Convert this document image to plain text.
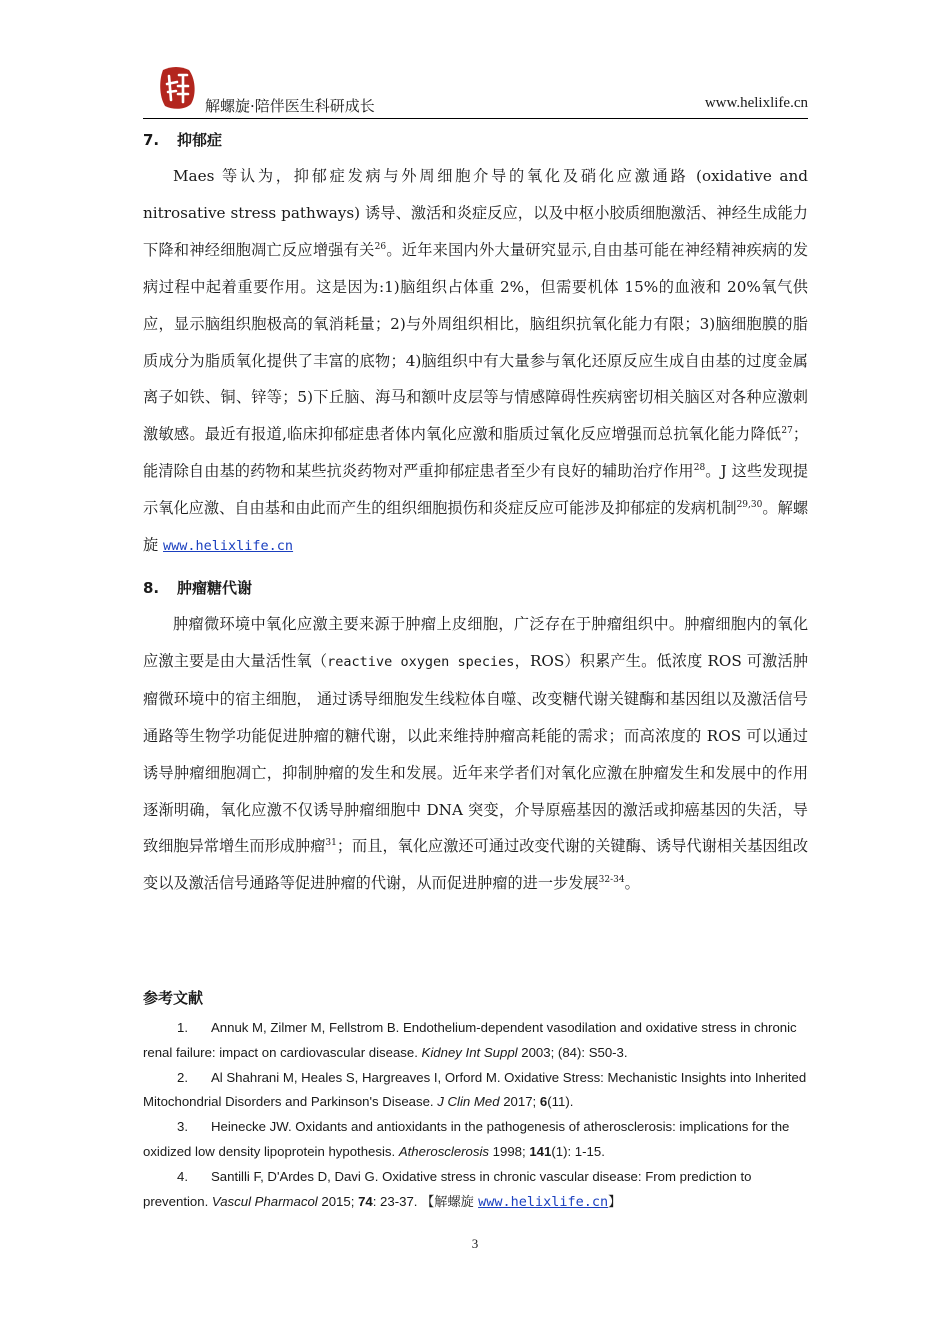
解螺旋·陪伴医生科研成长	www.helixlife.cn
7. 抑郁症

Maes 等认为，抑郁症发病与外周细胞介导的氧化及硝化应激通路 (oxidative and nitrosative stress pathways) 诱导、激活和炎症反应，以及中枢小胶质细胞激活、神经生成能力下降和神经细胞凋亡反应增强有关$^{26}$。近年来国内外大量研究显示,自由基可能在神经精神疾病的发病过程中起着重要作用。这是因为:1)脑组织占体重 2%，但需要机体 15%的血液和 20%氧气供应，显示脑组织胞极高的氧消耗量；2)与外周组织相比，脑组织抗氧化能力有限；3)脑细胞膜的脂质成分为脂质氧化提供了丰富的底物；4)脑组织中有大量参与氧化还原反应生成自由基的过度金属离子如铁、铜、锌等；5)下丘脑、海马和额叶皮层等与情感障碍性疾病密切相关脑区对各种应激刺激敏感。最近有报道,临床抑郁症患者体内氧化应激和脂质过氧化反应增强而总抗氧化能力降低$^{27}$；能清除自由基的药物和某些抗炎药物对严重抑郁症患者至少有良好的辅助治疗作用$^{28}$。J 这些发现提示氧化应激、自由基和由此而产生的组织细胞损伤和炎症反应可能涉及抑郁症的发病机制$^{29,30}$。解螺旋 www.helixlife.cn

8. 肿瘤糖代谢

肿瘤微环境中氧化应激主要来源于肿瘤上皮细胞，广泛存在于肿瘤组织中。肿瘤细胞内的氧化应激主要是由大量活性氧（reactive oxygen species，ROS）积累产生。低浓度 ROS 可激活肿瘤微环境中的宿主细胞， 通过诱导细胞发生线粒体自噬、改变糖代谢关键酶和基因组以及激活信号通路等生物学功能促进肿瘤的糖代谢，以此来维持肿瘤高耗能的需求；而高浓度的 ROS 可以通过诱导肿瘤细胞凋亡，抑制肿瘤的发生和发展。近年来学者们对氧化应激在肿瘤发生和发展中的作用逐渐明确，氧化应激不仅诱导肿瘤细胞中 DNA 突变，介导原癌基因的激活或抑癌基因的失活，导致细胞异常增生而形成肿瘤$^{31}$；而且，氧化应激还可通过改变代谢的关键酶、诱导代谢相关基因组改变以及激活信号通路等促进肿瘤的代谢，从而促进肿瘤的进一步发展$^{32-34}$。

参考文献
1. Annuk M, Zilmer M, Fellstrom B. Endothelium-dependent vasodilation and oxidative stress in chronic renal failure: impact on cardiovascular disease. Kidney Int Suppl 2003; (84): S50-3.
2. Al Shahrani M, Heales S, Hargreaves I, Orford M. Oxidative Stress: Mechanistic Insights into Inherited Mitochondrial Disorders and Parkinson's Disease. J Clin Med 2017; 6(11).
3. Heinecke JW. Oxidants and antioxidants in the pathogenesis of atherosclerosis: implications for the oxidized low density lipoprotein hypothesis. Atherosclerosis 1998; 141(1): 1-15.
4. Santilli F, D'Ardes D, Davi G. Oxidative stress in chronic vascular disease: From prediction to prevention. Vascul Pharmacol 2015; 74: 23-37. 【解螺旋 www.helixlife.cn】
3
